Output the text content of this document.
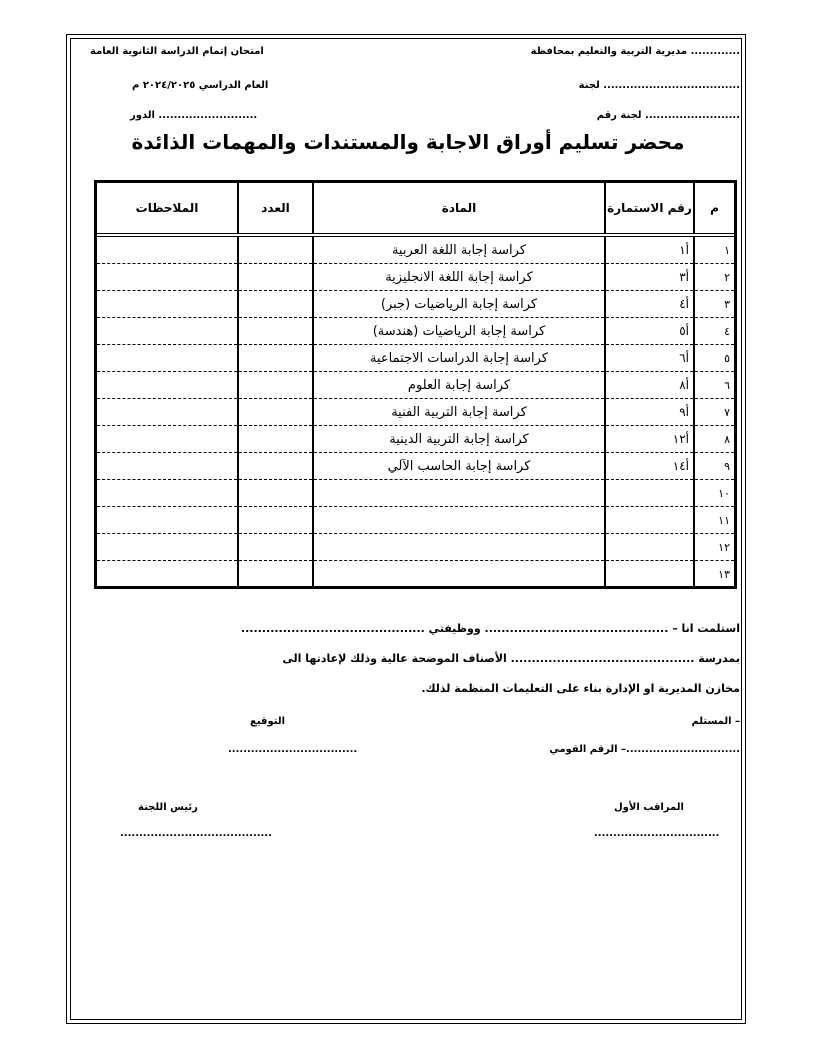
مديرية التربية والتعليم بمحافظة .............
لجنة ....................................
لجنة رقم .........................
امتحان إتمام الدراسة الثانوية العامة
العام الدراسي ٢٠٢٤/٢٠٢٥ م
الدور ..........................
محضر تسليم أوراق الاجابة والمستندات والمهمات الذائدة
م	رقم الاستمارة	المادة	العدد	الملاحظات
١	أ١	كراسة إجابة اللغة العربية		
٢	أ٣	كراسة إجابة اللغة الانجليزية		
٣	أ٤	كراسة إجابة الرياضيات (جبر)		
٤	أ٥	كراسة إجابة الرياضيات (هندسة)		
٥	أ٦	كراسة إجابة الدراسات الاجتماعية		
٦	أ٨	كراسة إجابة العلوم		
٧	أ٩	كراسة إجابة التربية الفنية		
٨	أ١٢	كراسة إجابة التربية الدينية		
٩	أ١٤	كراسة إجابة الحاسب الآلي		
١٠				
١١				
١٢				
١٣				
استلمت انا – ............................................ ووظيفتي ............................................
بمدرسة ............................................ الأصناف الموضحة عالية وذلك لإعادتها الى
مخازن المديرية او الإدارة بناء على التعليمات المنظمة لذلك.
المستلم –
التوقيع
الرقم القومي –..............................
..................................
المراقب الأول
.................................
رئيس اللجنة
........................................
